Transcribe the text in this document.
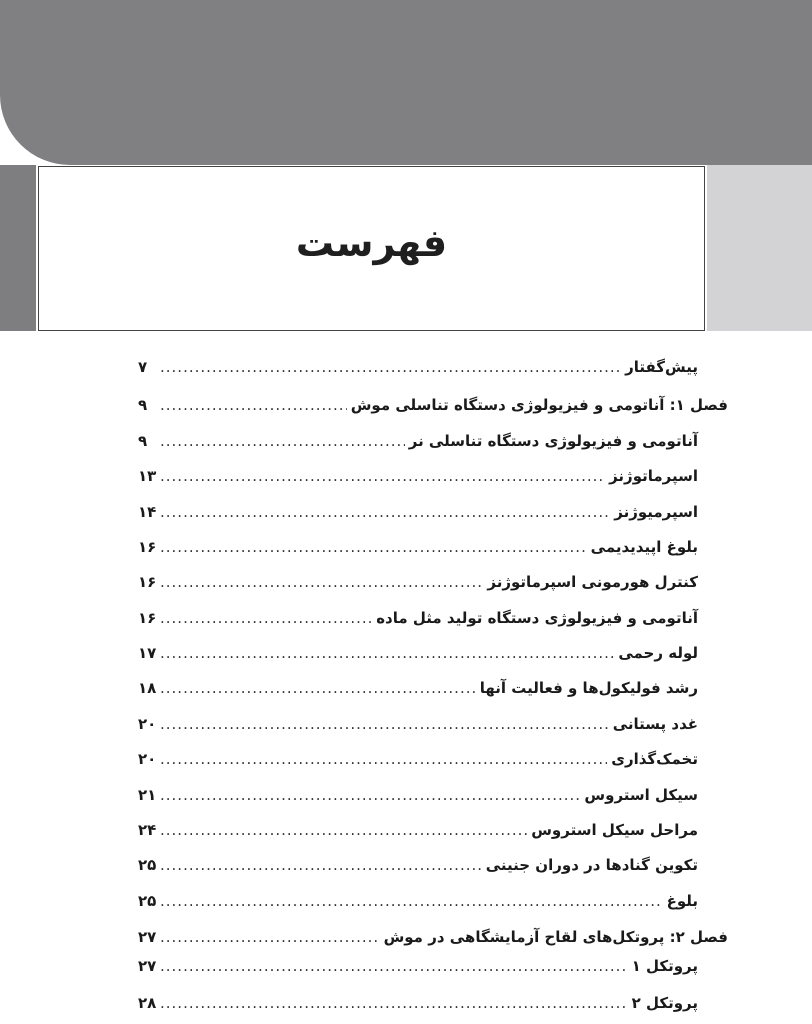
فهرست
پیش‌گفتار
.....
۷
فصل ۱: آناتومی و فیزیولوژی دستگاه تناسلی موش
.....
۹
آناتومی و فیزیولوژی دستگاه تناسلی نر
.....
۹
اسپرماتوژنز
.....
۱۳
اسپرمیوژنز
.....
۱۴
بلوغ اپیدیدیمی
.....
۱۶
کنترل هورمونی اسپرماتوژنز
.....
۱۶
آناتومی و فیزیولوژی دستگاه تولید مثل ماده
.....
۱۶
لوله رحمی
.....
۱۷
رشد فولیکول‌ها و فعالیت آنها
.....
۱۸
غدد پستانی
.....
۲۰
تخمک‌گذاری
.....
۲۰
سیکل استروس
.....
۲۱
مراحل سیکل استروس
.....
۲۴
تکوین گنادها در دوران جنینی
.....
۲۵
بلوغ
.....
۲۵
فصل ۲: پروتکل‌های لقاح آزمایشگاهی در موش
.....
۲۷
پروتکل ۱
.....
۲۷
پروتکل ۲
.....
۲۸
